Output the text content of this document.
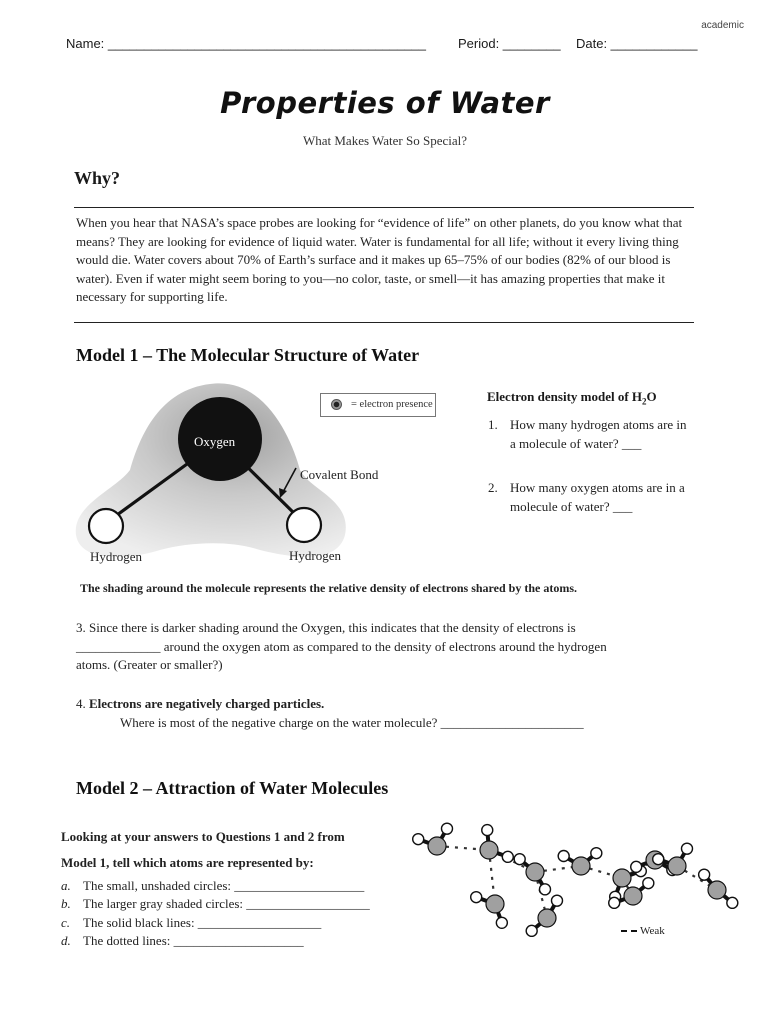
academic
Name: ____________________________________________ Period: ________ Date: ____________
Properties of Water
What Makes Water So Special?
Why?
When you hear that NASA’s space probes are looking for “evidence of life” on other planets, do you know what that means? They are looking for evidence of liquid water. Water is fundamental for all life; without it every living thing would die. Water covers about 70% of Earth’s surface and it makes up 65–75% of our bodies (82% of our blood is water). Even if water might seem boring to you—no color, taste, or smell—it has amazing properties that make it necessary for supporting life.
Model 1 – The Molecular Structure of Water
Oxygen
Covalent Bond
Hydrogen	Hydrogen
= electron presence
Electron density model of $H_2O$
1. How many hydrogen atoms are in
a molecule of water? ___
2. How many oxygen atoms are in a
molecule of water? ___
The shading around the molecule represents the relative density of electrons shared by the atoms.
3. Since there is darker shading around the Oxygen, this indicates that the density of electrons is
_____________ around the oxygen atom as compared to the density of electrons around the hydrogen
atoms. (Greater or smaller?)
4. Electrons are negatively charged particles.
Where is most of the negative charge on the water molecule? ______________________
Model 2 – Attraction of Water Molecules
Looking at your answers to Questions 1 and 2 from
Model 1, tell which atoms are represented by:
a. The small, unshaded circles: ____________________
b. The larger gray shaded circles: ___________________
c. The solid black lines: ___________________
d. The dotted lines: ____________________
Weak
